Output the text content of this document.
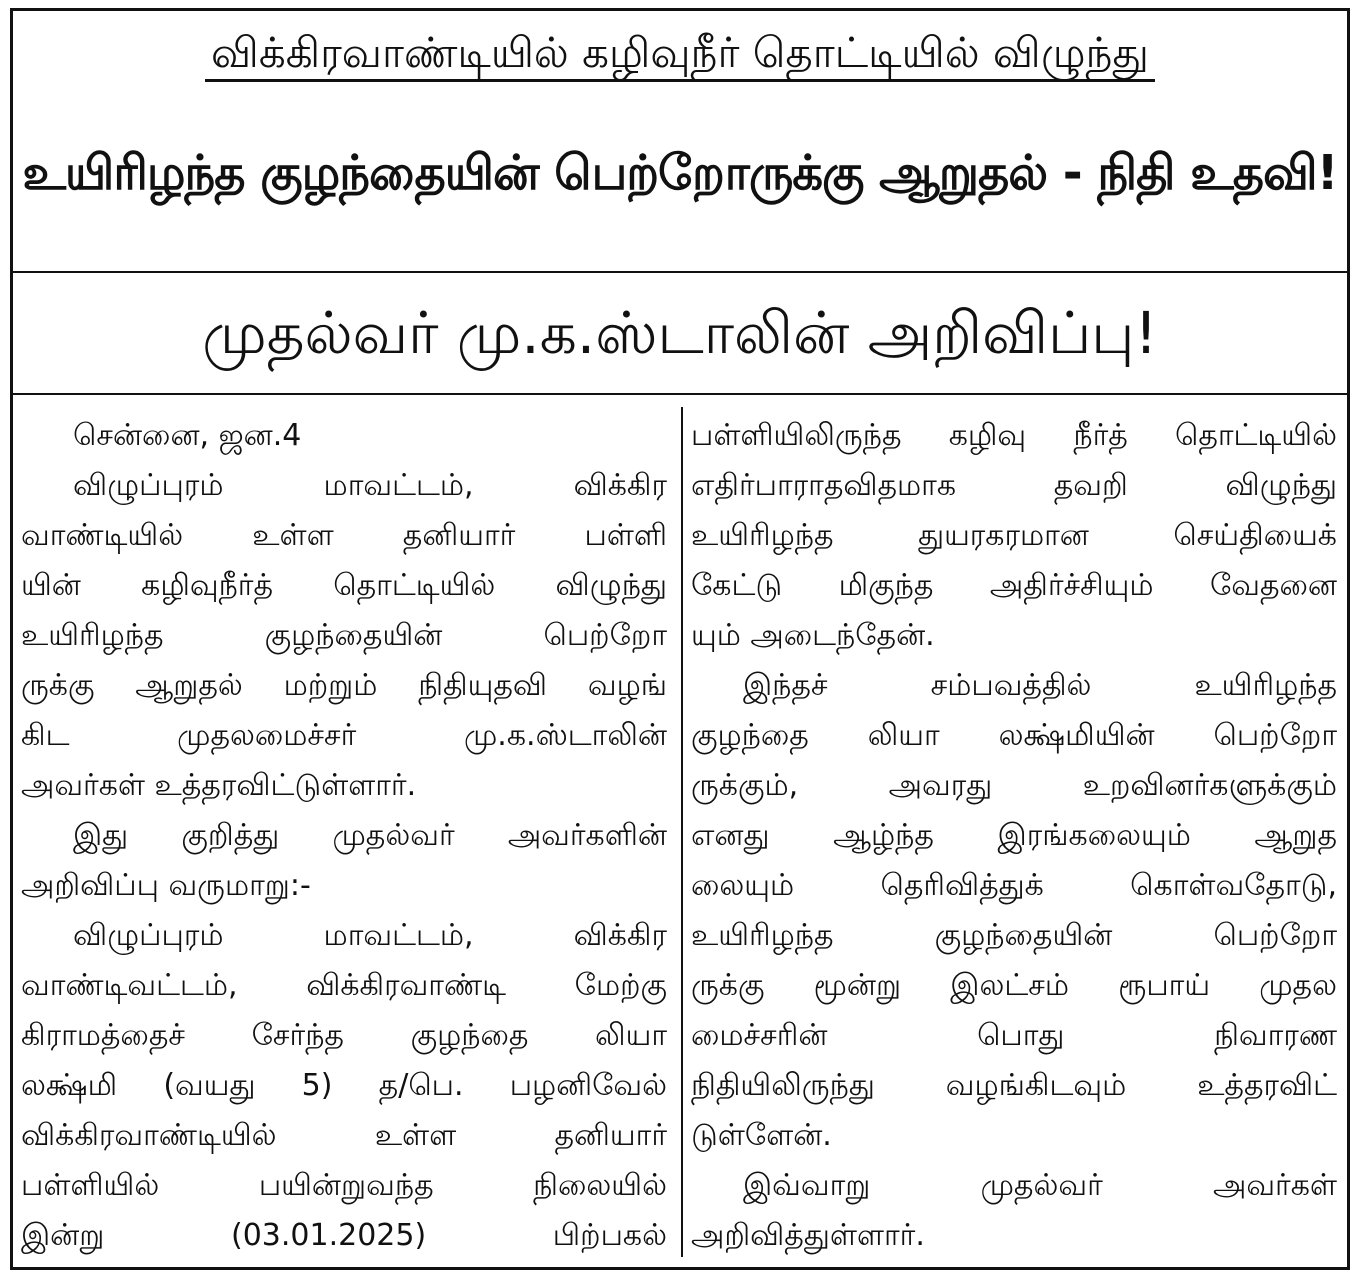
விக்கிரவாண்டியில் கழிவுநீர் தொட்டியில் விழுந்து
உயிரிழந்த குழந்தையின் பெற்றோருக்கு ஆறுதல் - நிதி உதவி!
முதல்வர் மு.க.ஸ்டாலின் அறிவிப்பு!
சென்னை, ஜன.4
விழுப்புரம் மாவட்டம், விக்கிர
வாண்டியில் உள்ள தனியார் பள்ளி
யின் கழிவுநீர்த் தொட்டியில் விழுந்து
உயிரிழந்த குழந்தையின் பெற்றோ
ருக்கு ஆறுதல் மற்றும் நிதியுதவி வழங்
கிட முதலமைச்சர் மு.க.ஸ்டாலின்
அவர்கள் உத்தரவிட்டுள்ளார்.
இது குறித்து முதல்வர் அவர்களின்
அறிவிப்பு வருமாறு:-
விழுப்புரம் மாவட்டம், விக்கிர
வாண்டிவட்டம், விக்கிரவாண்டி மேற்கு
கிராமத்தைச் சேர்ந்த குழந்தை லியா
லக்ஷ்மி (வயது 5) த/பெ. பழனிவேல்
விக்கிரவாண்டியில் உள்ள தனியார்
பள்ளியில் பயின்றுவந்த நிலையில்
இன்று (03.01.2025) பிற்பகல்
பள்ளியிலிருந்த கழிவு நீர்த் தொட்டியில்
எதிர்பாராதவிதமாக தவறி விழுந்து
உயிரிழந்த துயரகரமான செய்தியைக்
கேட்டு மிகுந்த அதிர்ச்சியும் வேதனை
யும் அடைந்தேன்.
இந்தச் சம்பவத்தில் உயிரிழந்த
குழந்தை லியா லக்ஷ்மியின் பெற்றோ
ருக்கும், அவரது உறவினர்களுக்கும்
எனது ஆழ்ந்த இரங்கலையும் ஆறுத
லையும் தெரிவித்துக் கொள்வதோடு,
உயிரிழந்த குழந்தையின் பெற்றோ
ருக்கு மூன்று இலட்சம் ரூபாய் முதல
மைச்சரின் பொது நிவாரண
நிதியிலிருந்து வழங்கிடவும் உத்தரவிட்
டுள்ளேன்.
இவ்வாறு முதல்வர் அவர்கள்
அறிவித்துள்ளார்.
